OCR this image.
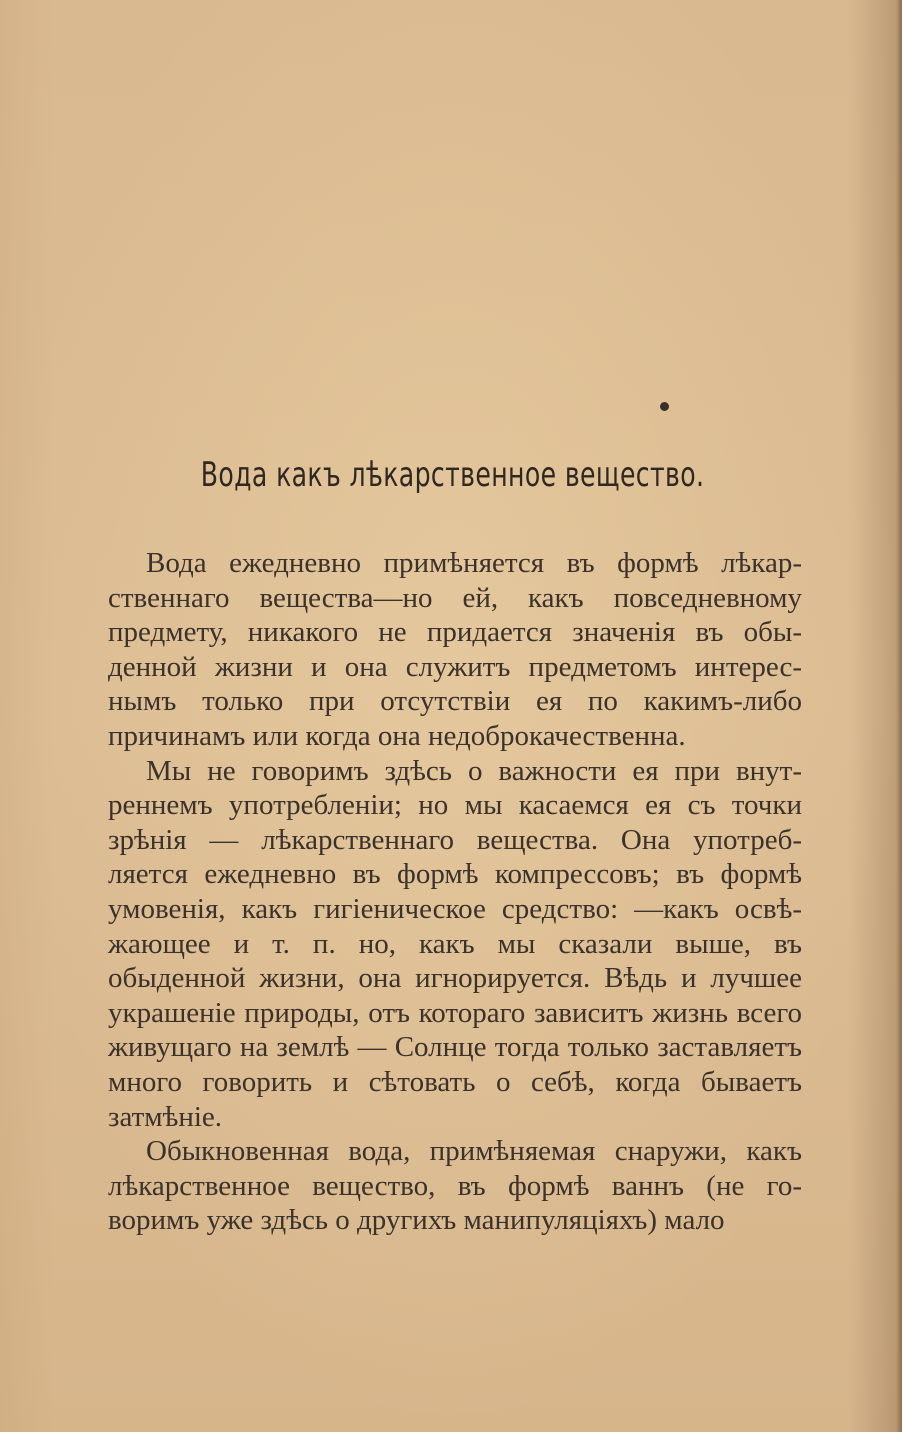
Вода какъ лѣкарственное вещество.

Вода ежедневно примѣняется въ формѣ лѣкар-ственнаго вещества—но ей, какъ повседневному предмету, никакого не придается значенія въ обы-денной жизни и она служитъ предметомъ интерес-нымъ только при отсутствіи ея по какимъ-либо причинамъ или когда она недоброкачественна.

Мы не говоримъ здѣсь о важности ея при внут-реннемъ употребленіи; но мы касаемся ея съ точки зрѣнія — лѣкарственнаго вещества. Она употреб-ляется ежедневно въ формѣ компрессовъ; въ формѣ умовенія, какъ гигіеническое средство: —какъ освѣ-жающее и т. п. но, какъ мы сказали выше, въ обыденной жизни, она игнорируется. Вѣдь и лучшее украшеніе природы, отъ котораго зависитъ жизнь всего живущаго на землѣ — Солнце тогда только заставляетъ много говорить и сѣтовать о себѣ, когда бываетъ затмѣніе.

Обыкновенная вода, примѣняемая снаружи, какъ лѣкарственное вещество, въ формѣ ваннъ (не го-воримъ уже здѣсь о другихъ манипуляціяхъ) мало
